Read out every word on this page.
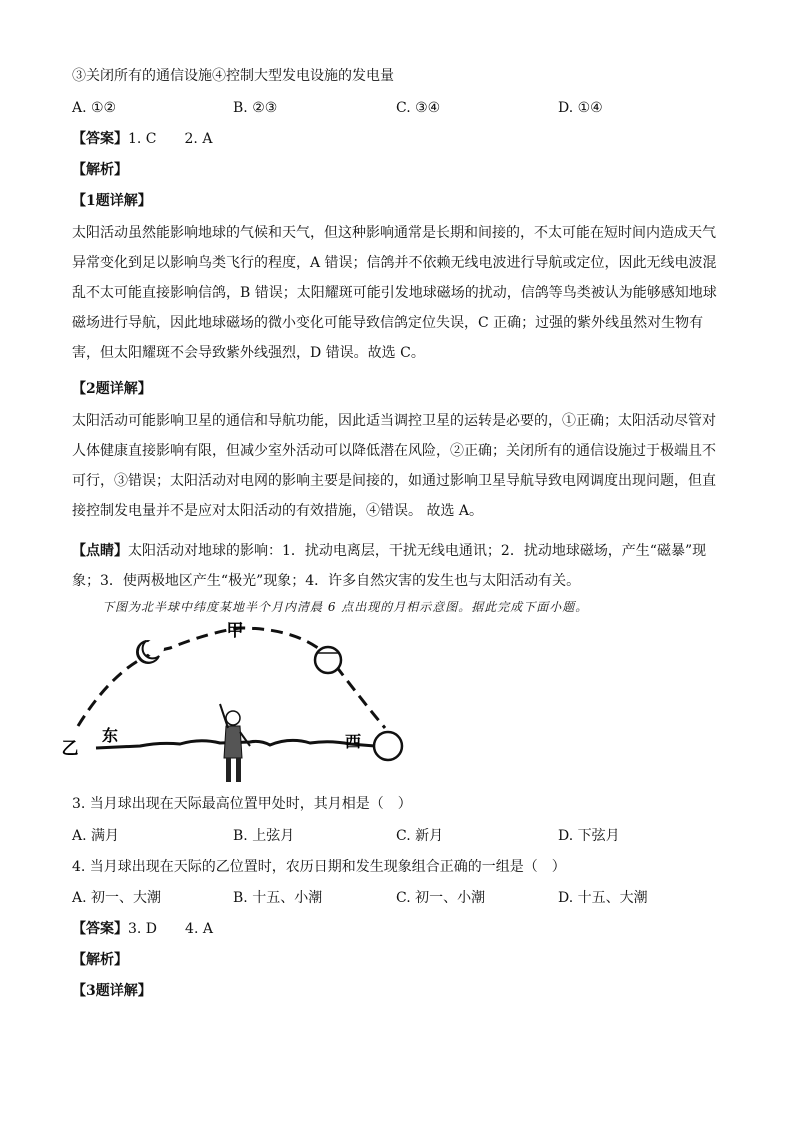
③关闭所有的通信设施④控制大型发电设施的发电量
A. ①②	B. ②③	C. ③④	D. ①④
【答案】1. C　　2. A
【解析】
【1题详解】
太阳活动虽然能影响地球的气候和天气，但这种影响通常是长期和间接的，不太可能在短时间内造成天气
异常变化到足以影响鸟类飞行的程度，A 错误；信鸽并不依赖无线电波进行导航或定位，因此无线电波混
乱不太可能直接影响信鸽，B 错误；太阳耀斑可能引发地球磁场的扰动，信鸽等鸟类被认为能够感知地球
磁场进行导航，因此地球磁场的微小变化可能导致信鸽定位失误，C 正确；过强的紫外线虽然对生物有
害，但太阳耀斑不会导致紫外线强烈，D 错误。故选 C。
【2题详解】
太阳活动可能影响卫星的通信和导航功能，因此适当调控卫星的运转是必要的，①正确；太阳活动尽管对
人体健康直接影响有限，但减少室外活动可以降低潜在风险，②正确；关闭所有的通信设施过于极端且不
可行，③错误；太阳活动对电网的影响主要是间接的，如通过影响卫星导航导致电网调度出现问题，但直
接控制发电量并不是应对太阳活动的有效措施，④错误。 故选 A。
【点睛】太阳活动对地球的影响：1．扰动电离层，干扰无线电通讯；2．扰动地球磁场，产生“磁暴”现
象；3．使两极地区产生“极光”现象；4．许多自然灾害的发生也与太阳活动有关。
下图为北半球中纬度某地半个月内清晨 6 点出现的月相示意图。据此完成下面小题。
甲
乙
东	西
3. 当月球出现在天际最高位置甲处时，其月相是（　）
A. 满月	B. 上弦月	C. 新月	D. 下弦月
4. 当月球出现在天际的乙位置时，农历日期和发生现象组合正确的一组是（　）
A. 初一、大潮	B. 十五、小潮	C. 初一、小潮	D. 十五、大潮
【答案】3. D　　4. A
【解析】
【3题详解】
